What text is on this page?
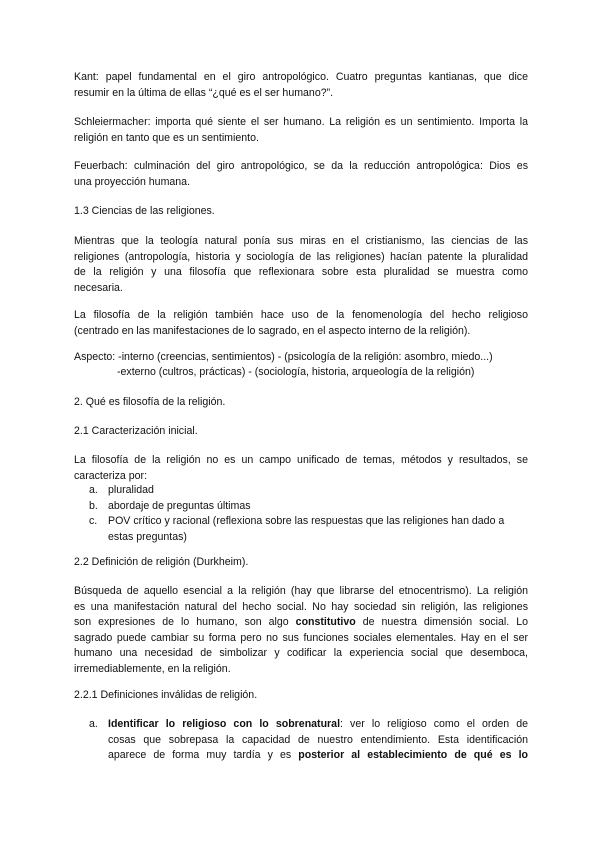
Kant: papel fundamental en el giro antropológico. Cuatro preguntas kantianas, que dice
resumir en la última de ellas “¿qué es el ser humano?”.

Schleiermacher: importa qué siente el ser humano. La religión es un sentimiento. Importa la
religión en tanto que es un sentimiento.

Feuerbach: culminación del giro antropológico, se da la reducción antropológica: Dios es
una proyección humana.

1.3 Ciencias de las religiones.

Mientras que la teología natural ponía sus miras en el cristianismo, las ciencias de las
religiones (antropología, historia y sociología de las religiones) hacían patente la pluralidad
de la religión y una filosofía que reflexionara sobre esta pluralidad se muestra como
necesaria.

La filosofía de la religión también hace uso de la fenomenología del hecho religioso
(centrado en las manifestaciones de lo sagrado, en el aspecto interno de la religión).

Aspecto: -interno (creencias, sentimientos) - (psicología de la religión: asombro, miedo...)
-externo (cultros, prácticas) - (sociología, historia, arqueología de la religión)
2. Qué es filosofía de la religión.
2.1 Caracterización inicial.

La filosofía de la religión no es un campo unificado de temas, métodos y resultados, se
caracteriza por:

a. pluralidad
b. abordaje de preguntas últimas
c. POV crítico y racional (reflexiona sobre las respuestas que las religiones han dado a
estas preguntas)
2.2 Definición de religión (Durkheim).

Búsqueda de aquello esencial a la religión (hay que librarse del etnocentrismo). La religión
es una manifestación natural del hecho social. No hay sociedad sin religión, las religiones
son expresiones de lo humano, son algo constitutivo de nuestra dimensión social. Lo
sagrado puede cambiar su forma pero no sus funciones sociales elementales. Hay en el ser
humano una necesidad de simbolizar y codificar la experiencia social que desemboca,
irremediablemente, en la religión.

2.2.1 Definiciones inválidas de religión.
a. Identificar lo religioso con lo sobrenatural: ver lo religioso como el orden de
cosas que sobrepasa la capacidad de nuestro entendimiento. Esta identificación
aparece de forma muy tardía y es posterior al establecimiento de qué es lo
